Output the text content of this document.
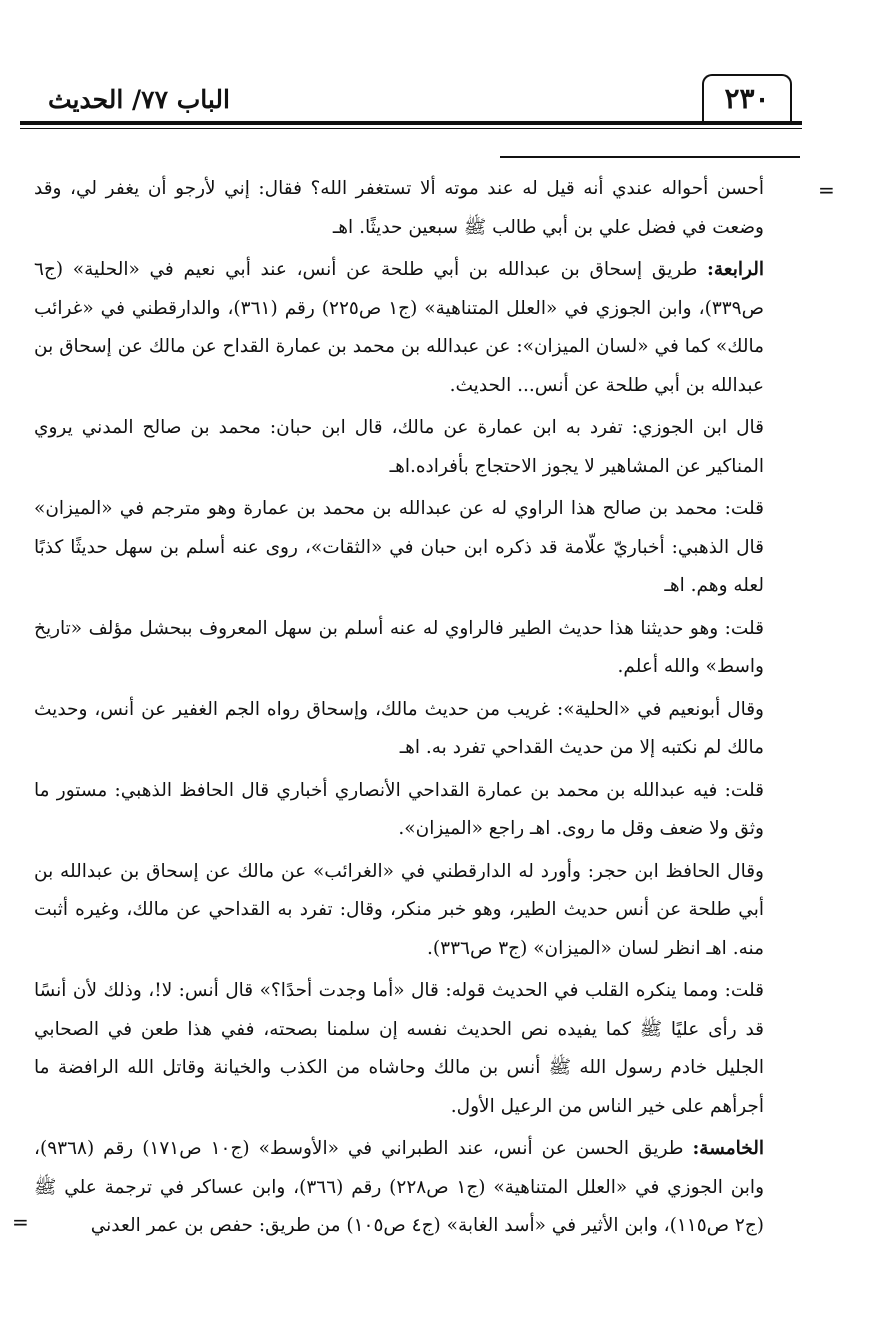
الباب ٧٧/ الحديث	٢٣٠
=

أحسن أحواله عندي أنه قيل له عند موته ألا تستغفر الله؟ فقال: إني لأرجو أن يغفر لي، وقد وضعت في فضل علي بن أبي طالب ﷺ سبعين حديثًا. اهـ

الرابعة: طريق إسحاق بن عبدالله بن أبي طلحة عن أنس، عند أبي نعيم في «الحلية» (ج٦ ص٣٣٩)، وابن الجوزي في «العلل المتناهية» (ج١ ص٢٢٥) رقم (٣٦١)، والدارقطني في «غرائب مالك» كما في «لسان الميزان»: عن عبدالله بن محمد بن عمارة القداح عن مالك عن إسحاق بن عبدالله بن أبي طلحة عن أنس... الحديث.

قال ابن الجوزي: تفرد به ابن عمارة عن مالك، قال ابن حبان: محمد بن صالح المدني يروي المناكير عن المشاهير لا يجوز الاحتجاج بأفراده.اهـ

قلت: محمد بن صالح هذا الراوي له عن عبدالله بن محمد بن عمارة وهو مترجم في «الميزان» قال الذهبي: أخباريّ علّامة قد ذكره ابن حبان في «الثقات»، روى عنه أسلم بن سهل حديثًا كذبًا لعله وهم. اهـ

قلت: وهو حديثنا هذا حديث الطير فالراوي له عنه أسلم بن سهل المعروف ببحشل مؤلف «تاريخ واسط» والله أعلم.

وقال أبونعيم في «الحلية»: غريب من حديث مالك، وإسحاق رواه الجم الغفير عن أنس، وحديث مالك لم نكتبه إلا من حديث القداحي تفرد به. اهـ

قلت: فيه عبدالله بن محمد بن عمارة القداحي الأنصاري أخباري قال الحافظ الذهبي: مستور ما وثق ولا ضعف وقل ما روى. اهـ راجع «الميزان».

وقال الحافظ ابن حجر: وأورد له الدارقطني في «الغرائب» عن مالك عن إسحاق بن عبدالله بن أبي طلحة عن أنس حديث الطير، وهو خبر منكر، وقال: تفرد به القداحي عن مالك، وغيره أثبت منه. اهـ انظر لسان «الميزان» (ج٣ ص٣٣٦).

قلت: ومما ينكره القلب في الحديث قوله: قال «أما وجدت أحدًا؟» قال أنس: لا!، وذلك لأن أنسًا قد رأى عليًا ﷺ كما يفيده نص الحديث نفسه إن سلمنا بصحته، ففي هذا طعن في الصحابي الجليل خادم رسول الله ﷺ أنس بن مالك وحاشاه من الكذب والخيانة وقاتل الله الرافضة ما أجرأهم على خير الناس من الرعيل الأول.

الخامسة: طريق الحسن عن أنس، عند الطبراني في «الأوسط» (ج١٠ ص١٧١) رقم (٩٣٦٨)، وابن الجوزي في «العلل المتناهية» (ج١ ص٢٢٨) رقم (٣٦٦)، وابن عساكر في ترجمة علي ﷺ (ج٢ ص١١٥)، وابن الأثير في «أسد الغابة» (ج٤ ص١٠٥) من طريق: حفص بن عمر العدني

=
